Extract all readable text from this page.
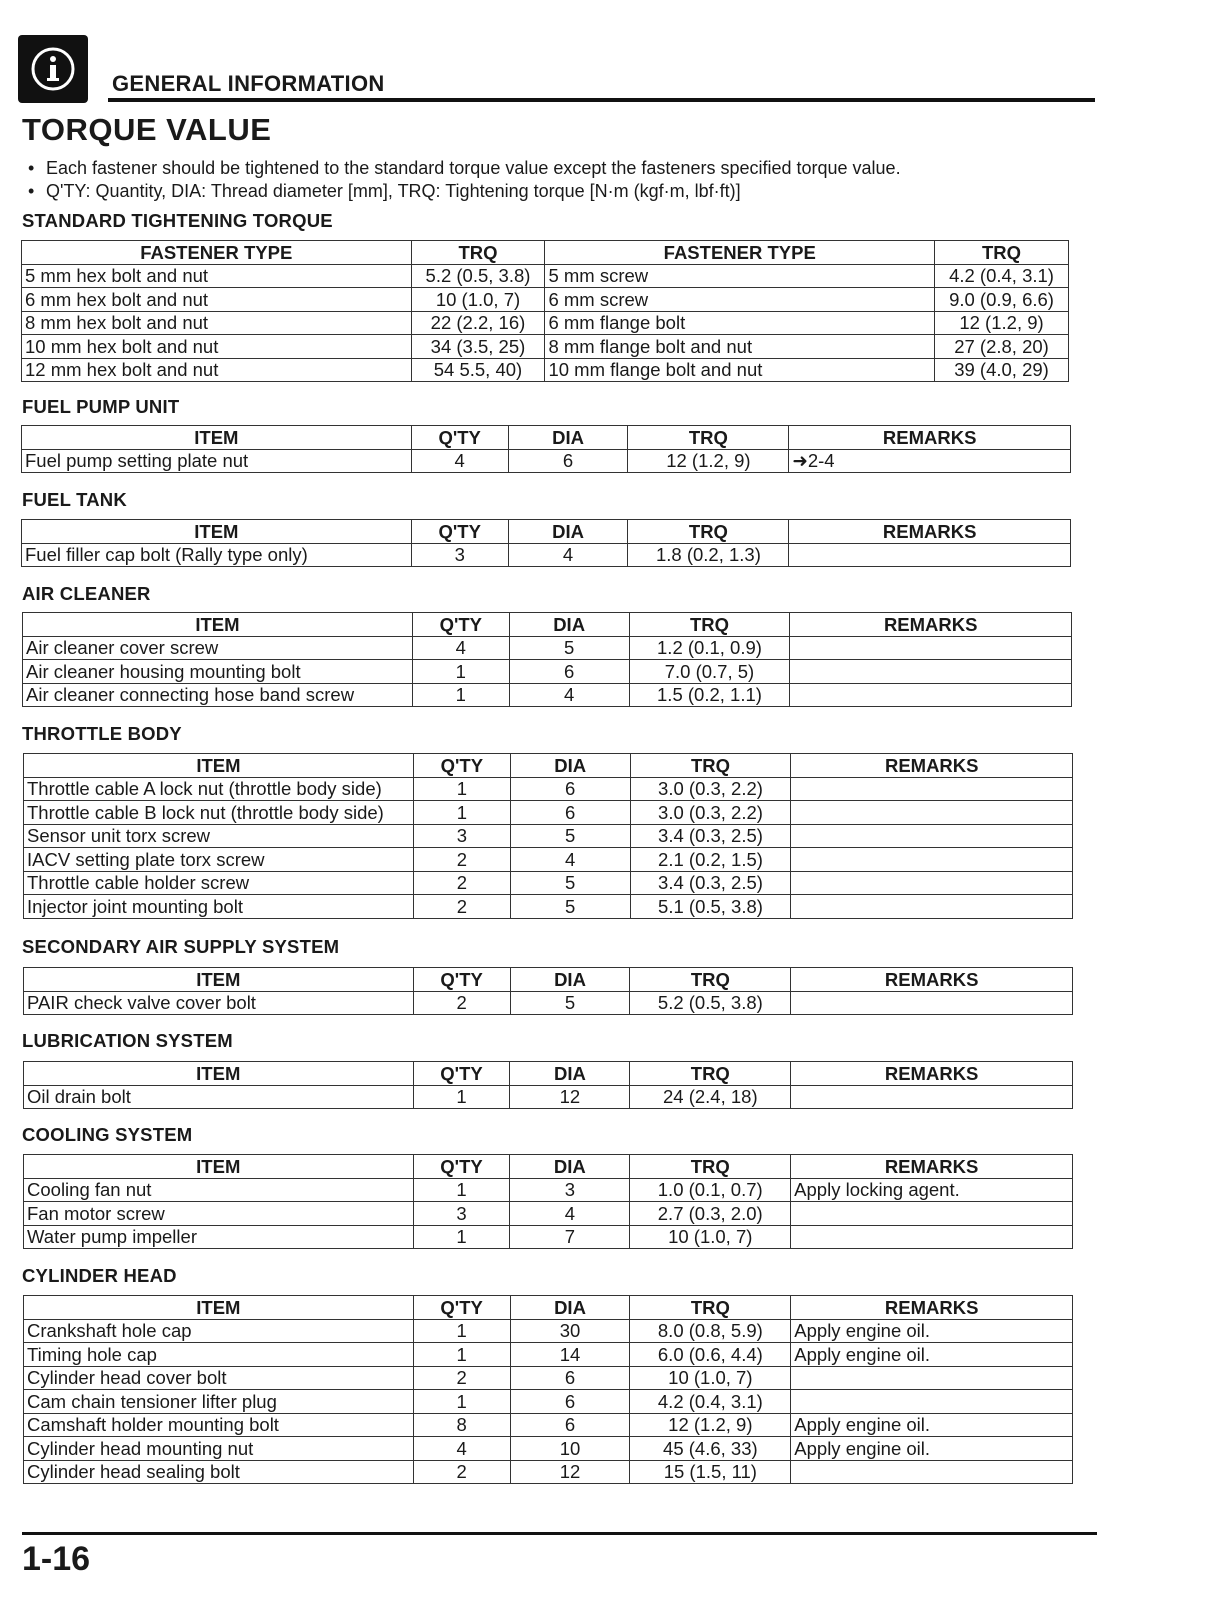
GENERAL INFORMATION
TORQUE VALUE
• Each fastener should be tightened to the standard torque value except the fasteners specified torque value.
• Q'TY: Quantity, DIA: Thread diameter [mm], TRQ: Tightening torque [N·m (kgf·m, lbf·ft)]
STANDARD TIGHTENING TORQUE
FASTENER TYPE	TRQ	FASTENER TYPE	TRQ
5 mm hex bolt and nut	5.2 (0.5, 3.8)	5 mm screw	4.2 (0.4, 3.1)
6 mm hex bolt and nut	10 (1.0, 7)	6 mm screw	9.0 (0.9, 6.6)
8 mm hex bolt and nut	22 (2.2, 16)	6 mm flange bolt	12 (1.2, 9)
10 mm hex bolt and nut	34 (3.5, 25)	8 mm flange bolt and nut	27 (2.8, 20)
12 mm hex bolt and nut	54 5.5, 40)	10 mm flange bolt and nut	39 (4.0, 29)
FUEL PUMP UNIT
ITEM	Q'TY	DIA	TRQ	REMARKS
Fuel pump setting plate nut	4	6	12 (1.2, 9)	➜2-4
FUEL TANK
ITEM	Q'TY	DIA	TRQ	REMARKS
Fuel filler cap bolt (Rally type only)	3	4	1.8 (0.2, 1.3)	
AIR CLEANER
ITEM	Q'TY	DIA	TRQ	REMARKS
Air cleaner cover screw	4	5	1.2 (0.1, 0.9)	
Air cleaner housing mounting bolt	1	6	7.0 (0.7, 5)	
Air cleaner connecting hose band screw	1	4	1.5 (0.2, 1.1)	
THROTTLE BODY
ITEM	Q'TY	DIA	TRQ	REMARKS
Throttle cable A lock nut (throttle body side)	1	6	3.0 (0.3, 2.2)	
Throttle cable B lock nut (throttle body side)	1	6	3.0 (0.3, 2.2)	
Sensor unit torx screw	3	5	3.4 (0.3, 2.5)	
IACV setting plate torx screw	2	4	2.1 (0.2, 1.5)	
Throttle cable holder screw	2	5	3.4 (0.3, 2.5)	
Injector joint mounting bolt	2	5	5.1 (0.5, 3.8)	
SECONDARY AIR SUPPLY SYSTEM
ITEM	Q'TY	DIA	TRQ	REMARKS
PAIR check valve cover bolt	2	5	5.2 (0.5, 3.8)	
LUBRICATION SYSTEM
ITEM	Q'TY	DIA	TRQ	REMARKS
Oil drain bolt	1	12	24 (2.4, 18)	
COOLING SYSTEM
ITEM	Q'TY	DIA	TRQ	REMARKS
Cooling fan nut	1	3	1.0 (0.1, 0.7)	Apply locking agent.
Fan motor screw	3	4	2.7 (0.3, 2.0)	
Water pump impeller	1	7	10 (1.0, 7)	
CYLINDER HEAD
ITEM	Q'TY	DIA	TRQ	REMARKS
Crankshaft hole cap	1	30	8.0 (0.8, 5.9)	Apply engine oil.
Timing hole cap	1	14	6.0 (0.6, 4.4)	Apply engine oil.
Cylinder head cover bolt	2	6	10 (1.0, 7)	
Cam chain tensioner lifter plug	1	6	4.2 (0.4, 3.1)	
Camshaft holder mounting bolt	8	6	12 (1.2, 9)	Apply engine oil.
Cylinder head mounting nut	4	10	45 (4.6, 33)	Apply engine oil.
Cylinder head sealing bolt	2	12	15 (1.5, 11)	
1-16
